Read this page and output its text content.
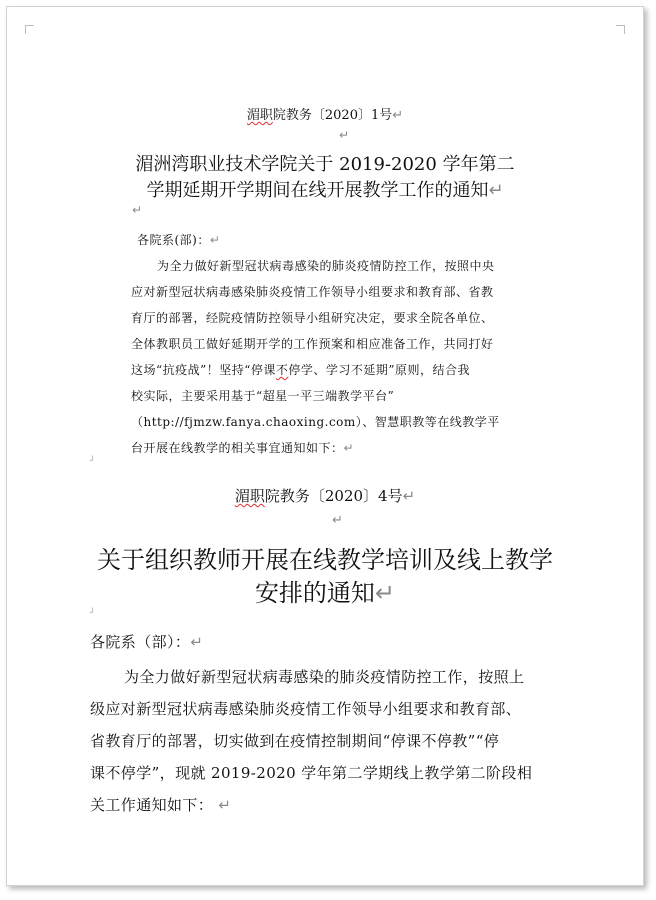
湄职院教务〔2020〕1号↵
↵
湄洲湾职业技术学院关于 2019-2020 学年第二
学期延期开学期间在线开展教学工作的通知↵
↵
各院系(部)：↵
为全力做好新型冠状病毒感染的肺炎疫情防控工作，按照中央
应对新型冠状病毒感染肺炎疫情工作领导小组要求和教育部、省教
育厅的部署，经院疫情防控领导小组研究决定，要求全院各单位、
全体教职员工做好延期开学的工作预案和相应准备工作，共同打好
这场“抗疫战”！坚持“停课不停学、学习不延期”原则，结合我
校实际，主要采用基于“超星一平三端教学平台”
（http://fjmzw.fanya.chaoxing.com）、智慧职教等在线教学平
台开展在线教学的相关事宜通知如下：↵
┘
湄职院教务〔2020〕4号↵
↵
关于组织教师开展在线教学培训及线上教学
安排的通知↵
┘
各院系（部）：↵
为全力做好新型冠状病毒感染的肺炎疫情防控工作，按照上
级应对新型冠状病毒感染肺炎疫情工作领导小组要求和教育部、
省教育厅的部署，切实做到在疫情控制期间“停课不停教”“停
课不停学”，现就 2019-2020 学年第二学期线上教学第二阶段相
关工作通知如下： ↵
